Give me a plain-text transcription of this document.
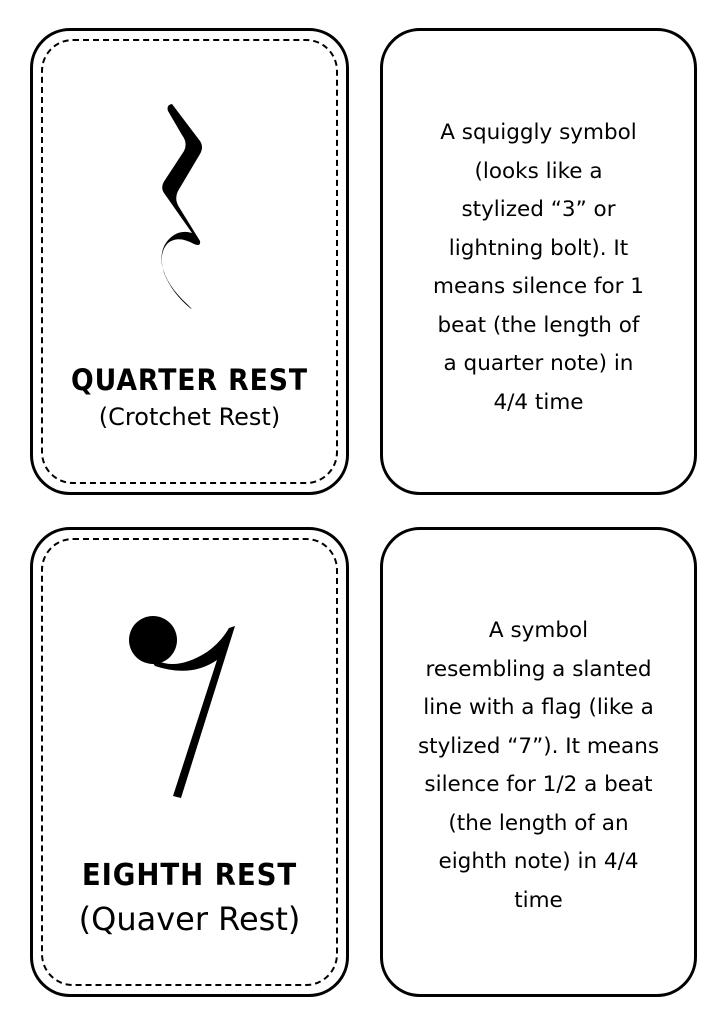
QUARTER REST
(Crotchet Rest)
A squiggly symbol
(looks like a
stylized “3” or
lightning bolt). It
means silence for 1
beat (the length of
a quarter note) in
4/4 time
EIGHTH REST
(Quaver Rest)
A symbol
resembling a slanted
line with a flag (like a
stylized “7”). It means
silence for 1/2 a beat
(the length of an
eighth note) in 4/4
time
